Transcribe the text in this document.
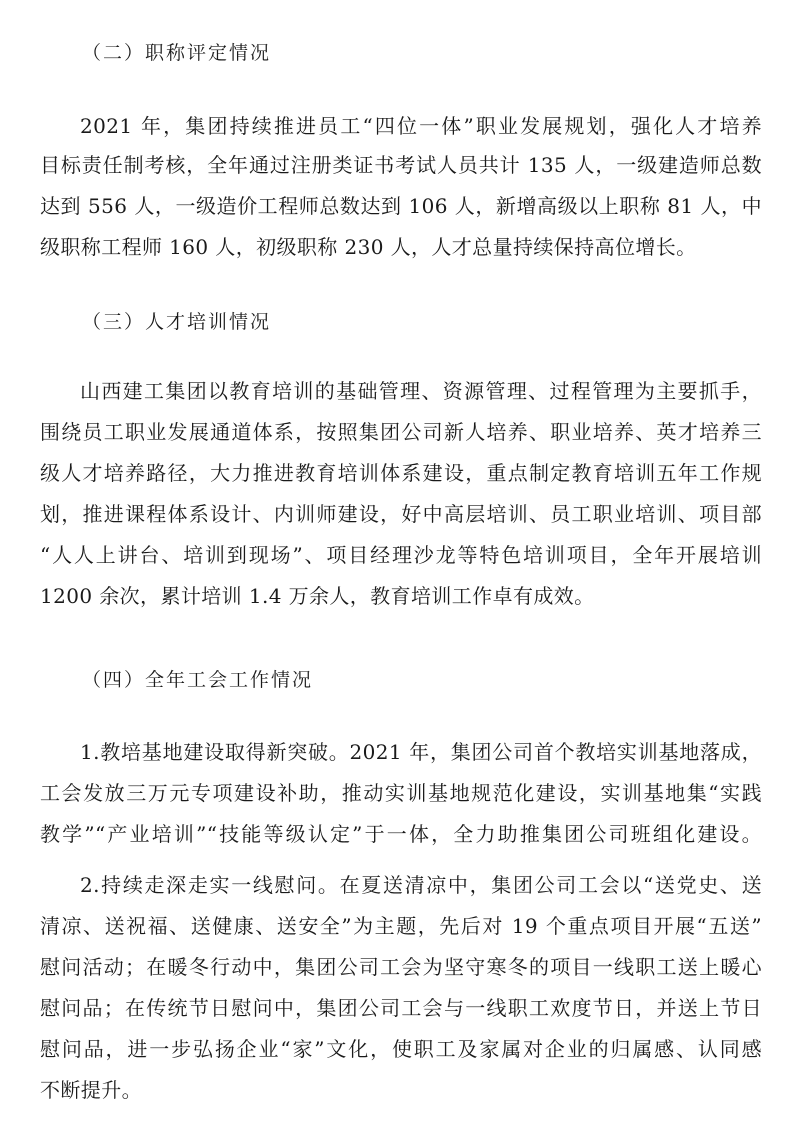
（二）职称评定情况
2021 年，集团持续推进员工“四位一体”职业发展规划，强化人才培养
目标责任制考核，全年通过注册类证书考试人员共计 135 人，一级建造师总数
达到 556 人，一级造价工程师总数达到 106 人，新增高级以上职称 81 人，中
级职称工程师 160 人，初级职称 230 人，人才总量持续保持高位增长。
（三）人才培训情况
山西建工集团以教育培训的基础管理、资源管理、过程管理为主要抓手，
围绕员工职业发展通道体系，按照集团公司新人培养、职业培养、英才培养三
级人才培养路径，大力推进教育培训体系建设，重点制定教育培训五年工作规
划，推进课程体系设计、内训师建设，好中高层培训、员工职业培训、项目部
“人人上讲台、培训到现场”、项目经理沙龙等特色培训项目，全年开展培训
1200 余次，累计培训 1.4 万余人，教育培训工作卓有成效。
（四）全年工会工作情况
1.教培基地建设取得新突破。2021 年，集团公司首个教培实训基地落成，
工会发放三万元专项建设补助，推动实训基地规范化建设，实训基地集“实践
教学”“产业培训”“技能等级认定”于一体，全力助推集团公司班组化建设。
2.持续走深走实一线慰问。在夏送清凉中，集团公司工会以“送党史、送
清凉、送祝福、送健康、送安全”为主题，先后对 19 个重点项目开展“五送”
慰问活动；在暖冬行动中，集团公司工会为坚守寒冬的项目一线职工送上暖心
慰问品；在传统节日慰问中，集团公司工会与一线职工欢度节日，并送上节日
慰问品，进一步弘扬企业“家”文化，使职工及家属对企业的归属感、认同感
不断提升。
